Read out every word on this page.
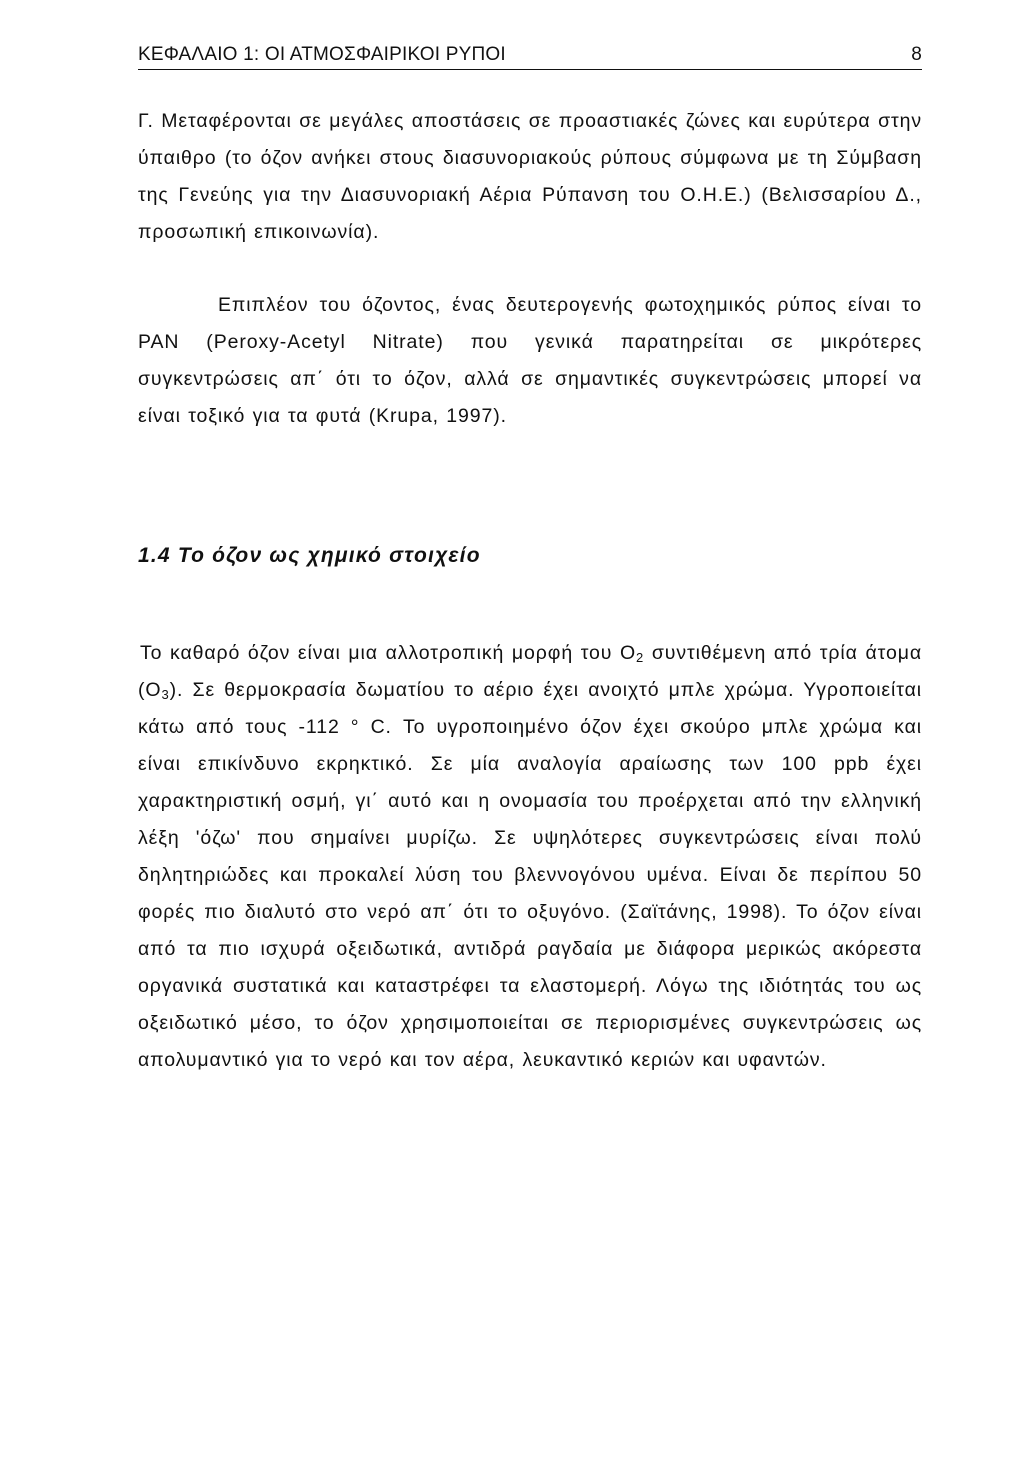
ΚΕΦΑΛΑΙΟ 1: ΟΙ ΑΤΜΟΣΦΑΙΡΙΚΟΙ ΡΥΠΟΙ	8

Γ. Μεταφέρονται σε μεγάλες αποστάσεις σε προαστιακές ζώνες και ευρύτερα στην ύπαιθρο (το όζον ανήκει στους διασυνοριακούς ρύπους σύμφωνα με τη Σύμβαση της Γενεύης για την Διασυνοριακή Αέρια Ρύπανση του Ο.Η.Ε.) (Βελισσαρίου Δ., προσωπική επικοινωνία).

Επιπλέον του όζοντος, ένας δευτερογενής φωτοχημικός ρύπος είναι το PAN (Peroxy-Acetyl Nitrate) που γενικά παρατηρείται σε μικρότερες συγκεντρώσεις απ΄ ότι το όζον, αλλά σε σημαντικές συγκεντρώσεις μπορεί να είναι τοξικό για τα φυτά (Krupa, 1997).

1.4 Το όζον ως χημικό στοιχείο

Το καθαρό όζον είναι μια αλλοτροπική μορφή του $O_2$ συντιθέμενη από τρία άτομα $(O_3)$. Σε θερμοκρασία δωματίου το αέριο έχει ανοιχτό μπλε χρώμα. Υγροποιείται κάτω από τους -112 ° C. Το υγροποιημένο όζον έχει σκούρο μπλε χρώμα και είναι επικίνδυνο εκρηκτικό. Σε μία αναλογία αραίωσης των 100 ppb έχει χαρακτηριστική οσμή, γι΄ αυτό και η ονομασία του προέρχεται από την ελληνική λέξη 'όζω' που σημαίνει μυρίζω. Σε υψηλότερες συγκεντρώσεις είναι πολύ δηλητηριώδες και προκαλεί λύση του βλεννογόνου υμένα. Είναι δε περίπου 50 φορές πιο διαλυτό στο νερό απ΄ ότι το οξυγόνο. (Σαϊτάνης, 1998). Το όζον είναι από τα πιο ισχυρά οξειδωτικά, αντιδρά ραγδαία με διάφορα μερικώς ακόρεστα οργανικά συστατικά και καταστρέφει τα ελαστομερή. Λόγω της ιδιότητάς του ως οξειδωτικό μέσο, το όζον χρησιμοποιείται σε περιορισμένες συγκεντρώσεις ως απολυμαντικό για το νερό και τον αέρα, λευκαντικό κεριών και υφαντών.
